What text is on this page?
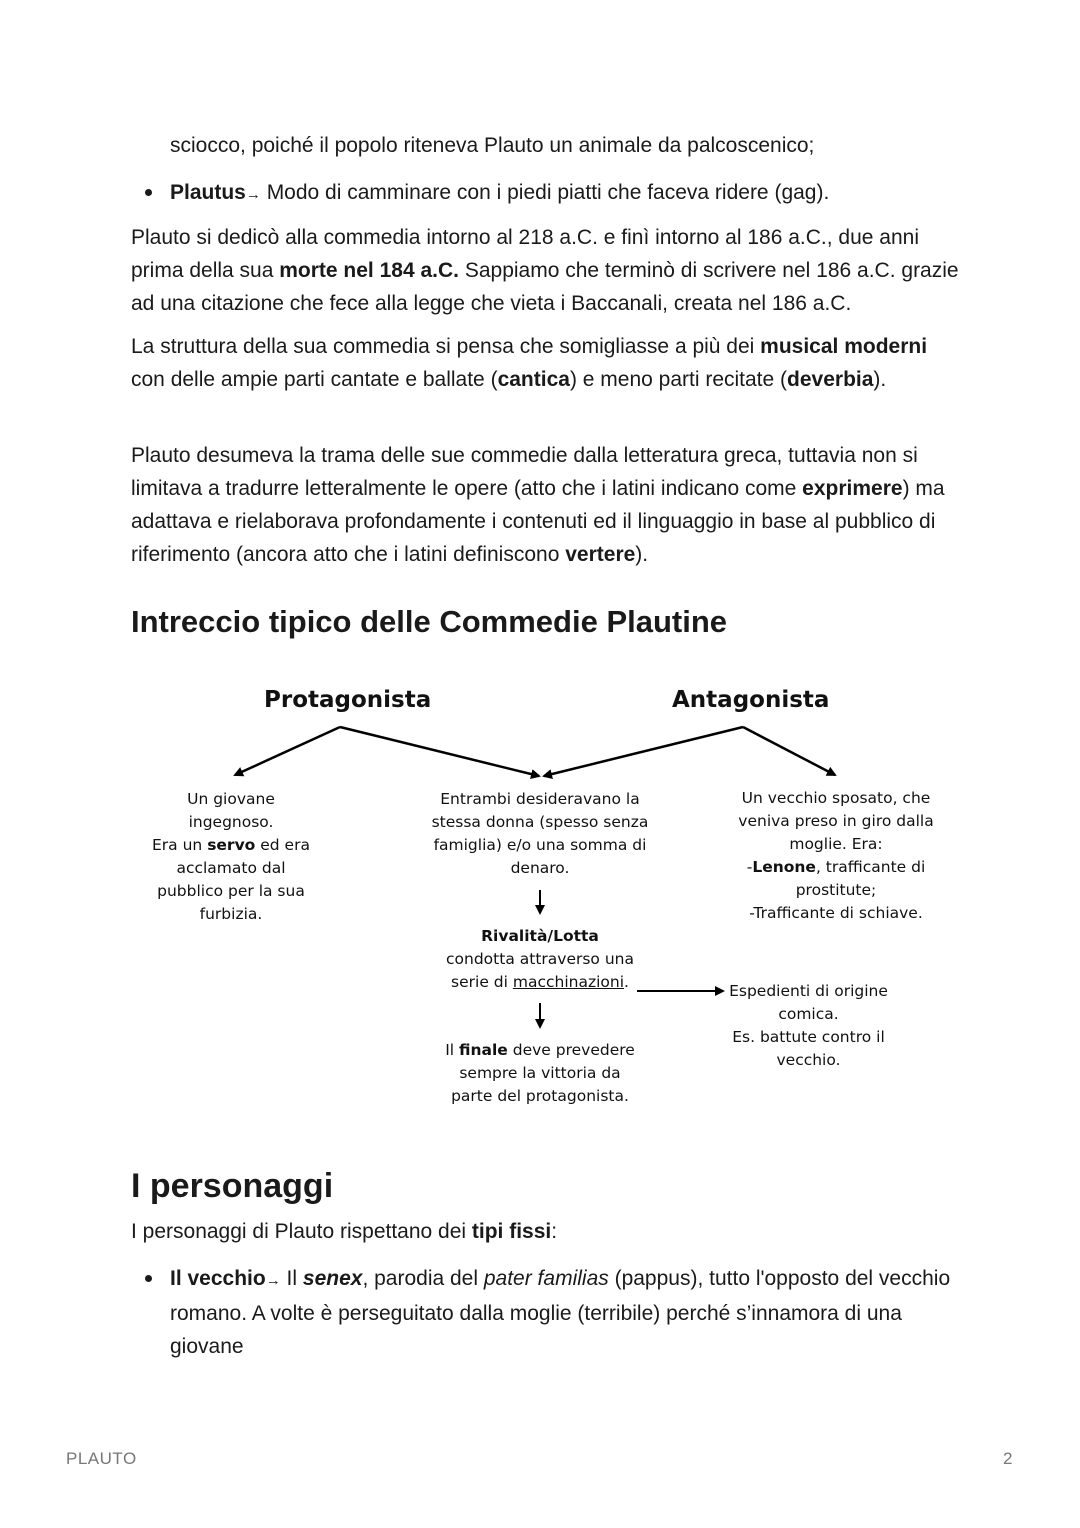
sciocco, poiché il popolo riteneva Plauto un animale da palcoscenico;

Plautus→ Modo di camminare con i piedi piatti che faceva ridere (gag).

Plauto si dedicò alla commedia intorno al 218 a.C. e finì intorno al 186 a.C., due anni prima della sua morte nel 184 a.C. Sappiamo che terminò di scrivere nel 186 a.C. grazie ad una citazione che fece alla legge che vieta i Baccanali, creata nel 186 a.C.

La struttura della sua commedia si pensa che somigliasse a più dei musical moderni con delle ampie parti cantate e ballate (cantica) e meno parti recitate (deverbia).

Plauto desumeva la trama delle sue commedie dalla letteratura greca, tuttavia non si limitava a tradurre letteralmente le opere (atto che i latini indicano come exprimere) ma adattava e rielaborava profondamente i contenuti ed il linguaggio in base al pubblico di riferimento (ancora atto che i latini definiscono vertere).

Intreccio tipico delle Commedie Plautine
Protagonista	Antagonista
Un giovane
ingegnoso.
Era un servo ed era
acclamato dal
pubblico per la sua
furbizia.
Entrambi desideravano la
stessa donna (spesso senza
famiglia) e/o una somma di
denaro.
Rivalità/Lotta
condotta attraverso una
serie di macchinazioni.
Il finale deve prevedere
sempre la vittoria da
parte del protagonista.
Un vecchio sposato, che
veniva preso in giro dalla
moglie. Era:
-Lenone, trafficante di
prostitute;
-Trafficante di schiave.
Espedienti di origine
comica.
Es. battute contro il
vecchio.
I personaggi

I personaggi di Plauto rispettano dei tipi fissi:

Il vecchio→ Il senex, parodia del pater familias (pappus), tutto l'opposto del vecchio romano. A volte è perseguitato dalla moglie (terribile) perché s’innamora di una giovane

PLAUTO	2
